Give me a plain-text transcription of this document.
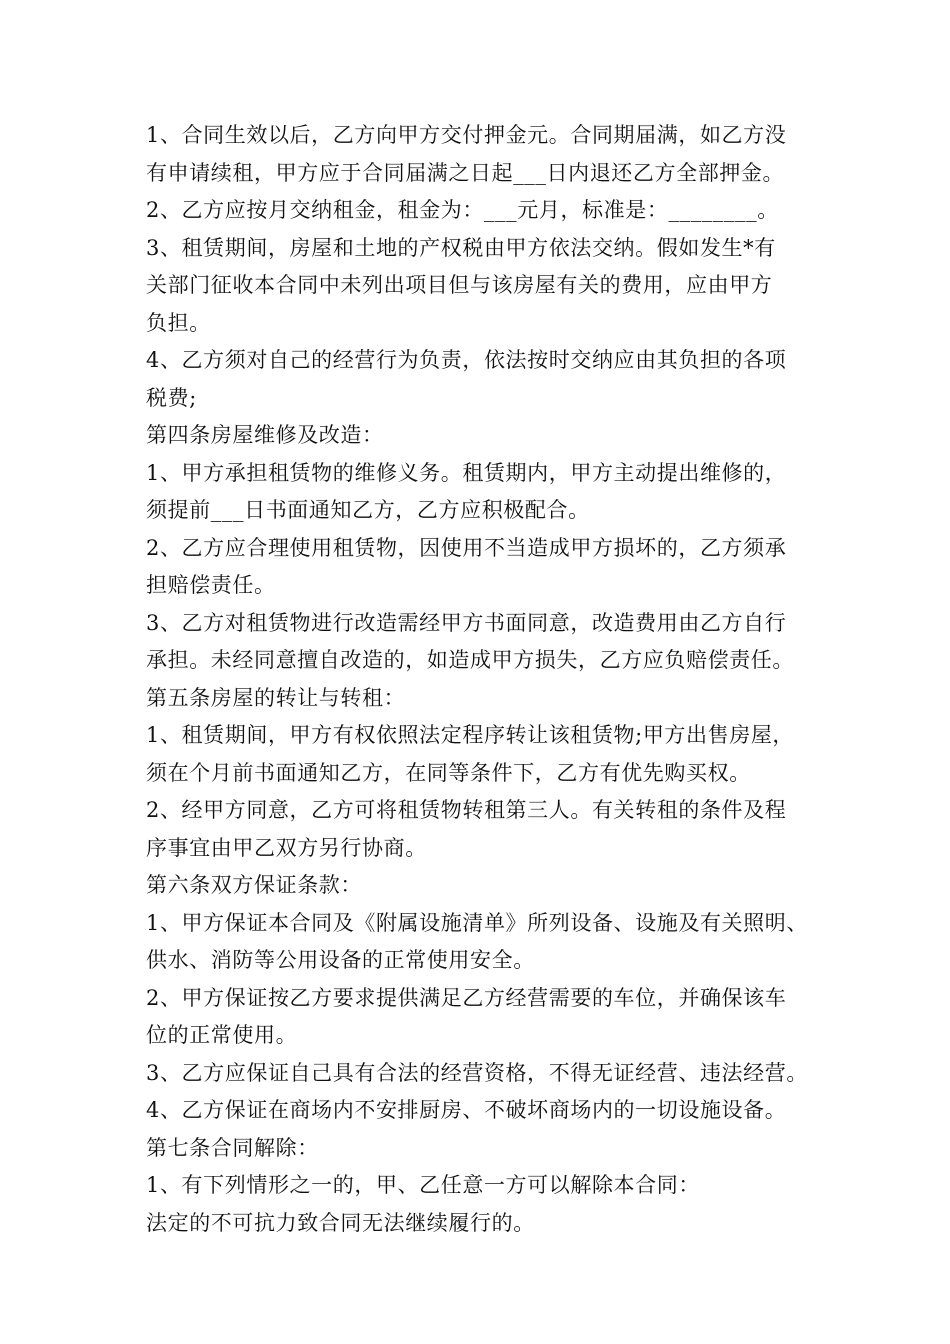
1、合同生效以后，乙方向甲方交付押金元。合同期届满，如乙方没
有申请续租，甲方应于合同届满之日起___日内退还乙方全部押金。
2、乙方应按月交纳租金，租金为：___元月，标准是：________。
3、租赁期间，房屋和土地的产权税由甲方依法交纳。假如发生*有
关部门征收本合同中未列出项目但与该房屋有关的费用，应由甲方
负担。
4、乙方须对自己的经营行为负责，依法按时交纳应由其负担的各项
税费;
第四条房屋维修及改造：
1、甲方承担租赁物的维修义务。租赁期内，甲方主动提出维修的，
须提前___日书面通知乙方，乙方应积极配合。
2、乙方应合理使用租赁物，因使用不当造成甲方损坏的，乙方须承
担赔偿责任。
3、乙方对租赁物进行改造需经甲方书面同意，改造费用由乙方自行
承担。未经同意擅自改造的，如造成甲方损失，乙方应负赔偿责任。
第五条房屋的转让与转租：
1、租赁期间，甲方有权依照法定程序转让该租赁物;甲方出售房屋，
须在个月前书面通知乙方，在同等条件下，乙方有优先购买权。
2、经甲方同意，乙方可将租赁物转租第三人。有关转租的条件及程
序事宜由甲乙双方另行协商。
第六条双方保证条款：
1、甲方保证本合同及《附属设施清单》所列设备、设施及有关照明、
供水、消防等公用设备的正常使用安全。
2、甲方保证按乙方要求提供满足乙方经营需要的车位，并确保该车
位的正常使用。
3、乙方应保证自己具有合法的经营资格，不得无证经营、违法经营。
4、乙方保证在商场内不安排厨房、不破坏商场内的一切设施设备。
第七条合同解除：
1、有下列情形之一的，甲、乙任意一方可以解除本合同：
法定的不可抗力致合同无法继续履行的。
